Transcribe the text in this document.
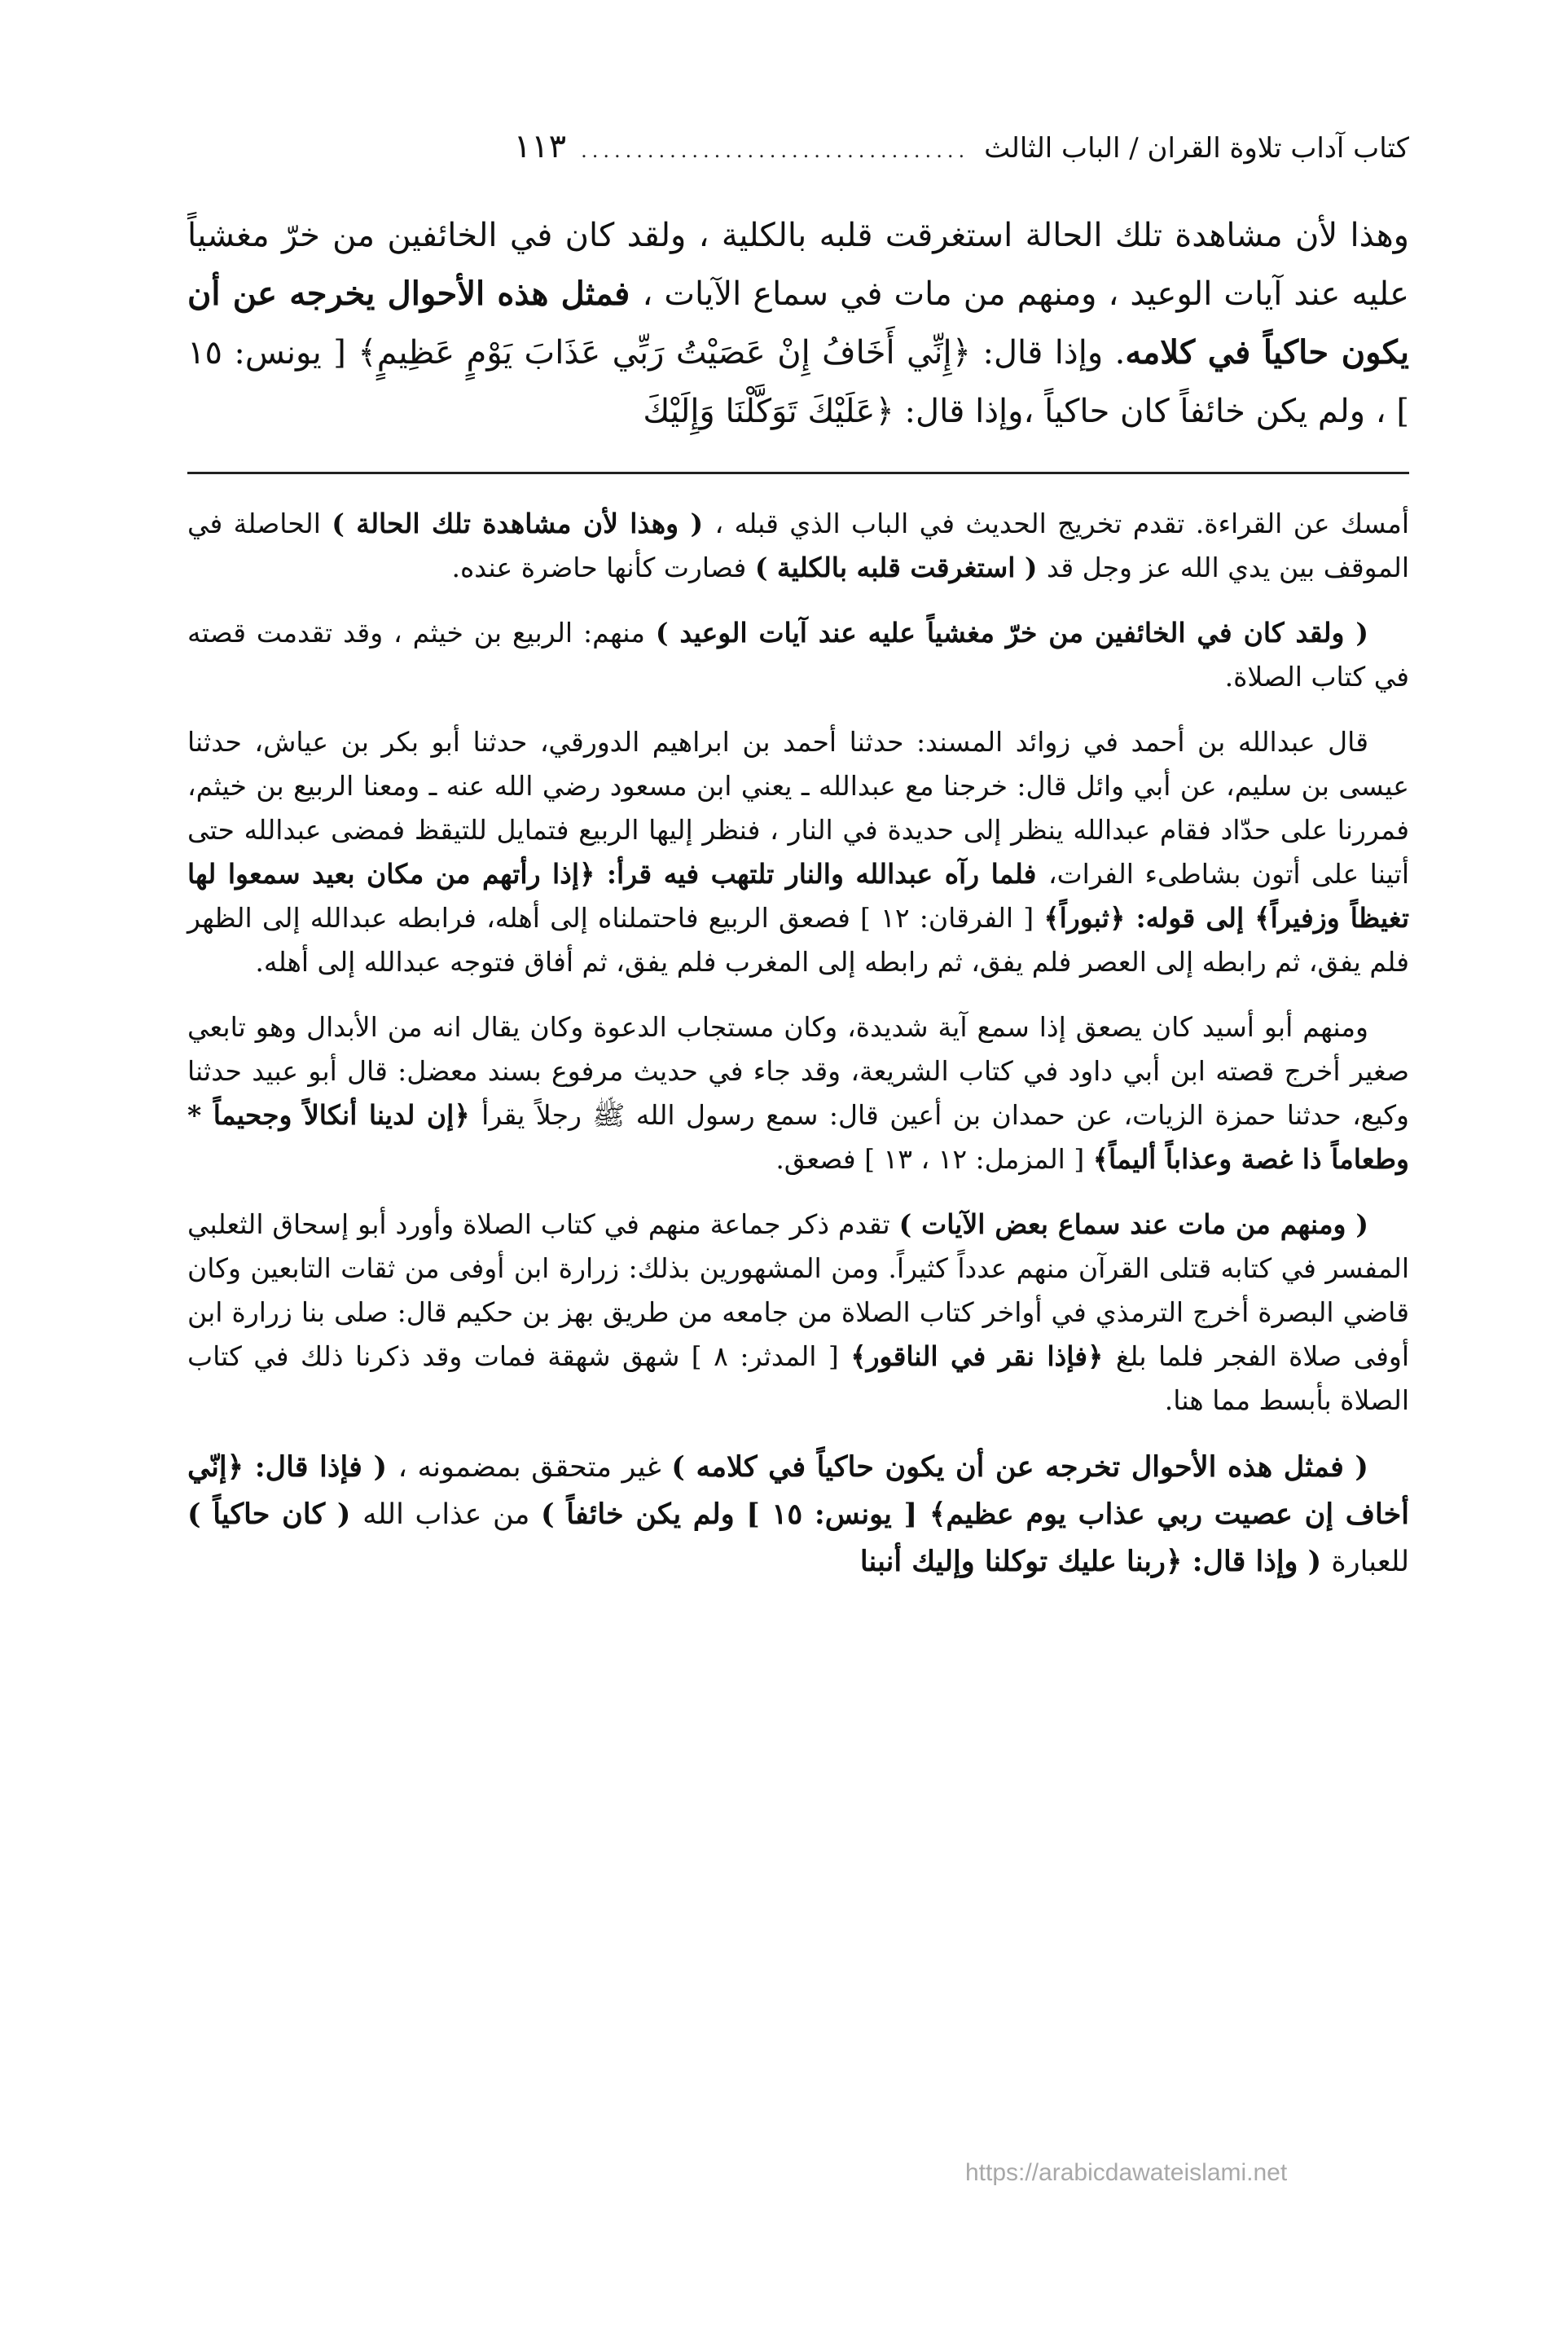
كتاب آداب تلاوة القران / الباب الثالث
...................................
١١٣

وهذا لأن مشاهدة تلك الحالة استغرقت قلبه بالكلية ، ولقد كان في الخائفين من خرّ مغشياً عليه عند آيات الوعيد ، ومنهم من مات في سماع الآيات ، فمثل هذه الأحوال يخرجه عن أن يكون حاكياً في كلامه. وإذا قال: ﴿إِنِّي أَخَافُ إِنْ عَصَيْتُ رَبِّي عَذَابَ يَوْمٍ عَظِيمٍ﴾ [ يونس: ١٥ ] ، ولم يكن خائفاً كان حاكياً ،وإذا قال: ﴿عَلَيْكَ تَوَكَّلْنَا وَإِلَيْكَ

أمسك عن القراءة. تقدم تخريج الحديث في الباب الذي قبله ، ( وهذا لأن مشاهدة تلك الحالة ) الحاصلة في الموقف بين يدي الله عز وجل قد ( استغرقت قلبه بالكلية ) فصارت كأنها حاضرة عنده.

( ولقد كان في الخائفين من خرّ مغشياً عليه عند آيات الوعيد ) منهم: الربيع بن خيثم ، وقد تقدمت قصته في كتاب الصلاة.

قال عبدالله بن أحمد في زوائد المسند: حدثنا أحمد بن ابراهيم الدورقي، حدثنا أبو بكر بن عياش، حدثنا عيسى بن سليم، عن أبي وائل قال: خرجنا مع عبدالله ـ يعني ابن مسعود رضي الله عنه ـ ومعنا الربيع بن خيثم، فمررنا على حدّاد فقام عبدالله ينظر إلى حديدة في النار ، فنظر إليها الربيع فتمايل للتيقظ فمضى عبدالله حتى أتينا على أتون بشاطىء الفرات، فلما رآه عبدالله والنار تلتهب فيه قرأ: ﴿إذا رأتهم من مكان بعيد سمعوا لها تغيظاً وزفيراً﴾ إلى قوله: ﴿ثبوراً﴾ [ الفرقان: ١٢ ] فصعق الربيع فاحتملناه إلى أهله، فرابطه عبدالله إلى الظهر فلم يفق، ثم رابطه إلى العصر فلم يفق، ثم رابطه إلى المغرب فلم يفق، ثم أفاق فتوجه عبدالله إلى أهله.

ومنهم أبو أسيد كان يصعق إذا سمع آية شديدة، وكان مستجاب الدعوة وكان يقال انه من الأبدال وهو تابعي صغير أخرج قصته ابن أبي داود في كتاب الشريعة، وقد جاء في حديث مرفوع بسند معضل: قال أبو عبيد حدثنا وكيع، حدثنا حمزة الزيات، عن حمدان بن أعين قال: سمع رسول الله ﷺ رجلاً يقرأ ﴿إن لدينا أنكالاً وجحيماً * وطعاماً ذا غصة وعذاباً أليماً﴾ [ المزمل: ١٢ ، ١٣ ] فصعق.

( ومنهم من مات عند سماع بعض الآيات ) تقدم ذكر جماعة منهم في كتاب الصلاة وأورد أبو إسحاق الثعلبي المفسر في كتابه قتلى القرآن منهم عدداً كثيراً. ومن المشهورين بذلك: زرارة ابن أوفى من ثقات التابعين وكان قاضي البصرة أخرج الترمذي في أواخر كتاب الصلاة من جامعه من طريق بهز بن حكيم قال: صلى بنا زرارة ابن أوفى صلاة الفجر فلما بلغ ﴿فإذا نقر في الناقور﴾ [ المدثر: ٨ ] شهق شهقة فمات وقد ذكرنا ذلك في كتاب الصلاة بأبسط مما هنا.

( فمثل هذه الأحوال تخرجه عن أن يكون حاكياً في كلامه ) غير متحقق بمضمونه ، ( فإذا قال: ﴿إنّي أخاف إن عصيت ربي عذاب يوم عظيم﴾ [ يونس: ١٥ ] ولم يكن خائفاً ) من عذاب الله ( كان حاكياً ) للعبارة ( وإذا قال: ﴿ربنا عليك توكلنا وإليك أنبنا

https://arabicdawateislami.net
